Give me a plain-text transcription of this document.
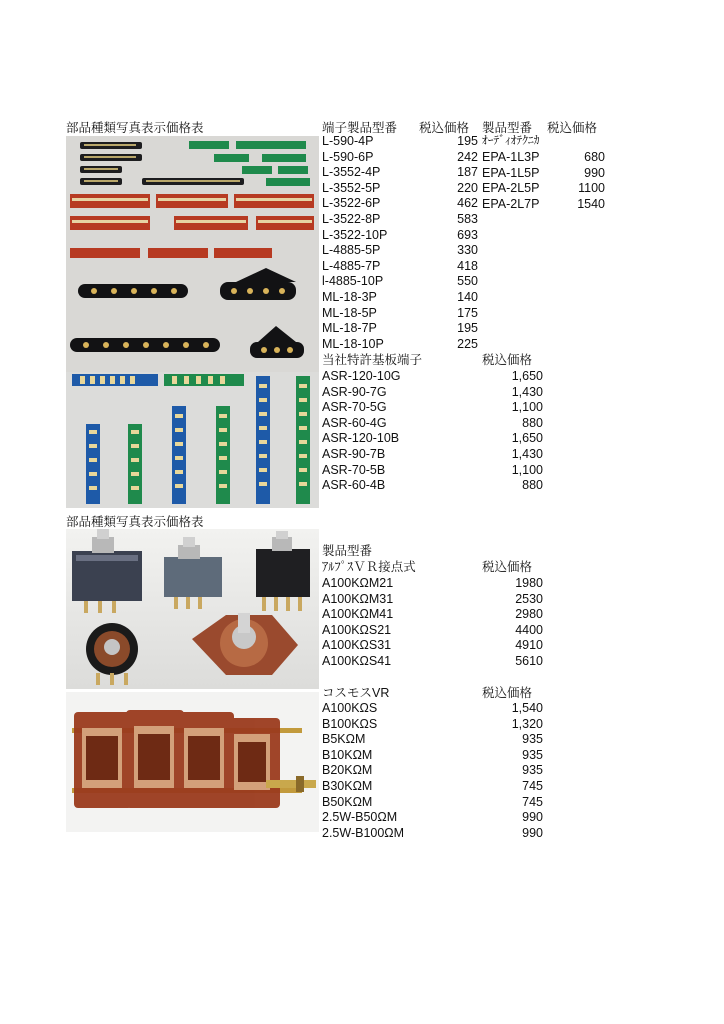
部品種類写真表示価格表	端子製品型番 税込価格 製品型番 税込価格
L-590-4P	195
L-590-6P	242
L-3552-4P	187
L-3552-5P	220
L-3522-6P	462
L-3522-8P	583
L-3522-10P	693
L-4885-5P	330
L-4885-7P	418
l-4885-10P	550
ML-18-3P	140
ML-18-5P	175
ML-18-7P	195
ML-18-10P	225
ｵｰﾃﾞｨｵﾃｸﾆｶ
EPA-1L3P	680
EPA-1L5P	990
EPA-2L5P	1100
EPA-2L7P	1540
当社特許基板端子	税込価格
ASR-120-10G	1,650
ASR-90-7G	1,430
ASR-70-5G	1,100
ASR-60-4G	880
ASR-120-10B	1,650
ASR-90-7B	1,430
ASR-70-5B	1,100
ASR-60-4B	880
部品種類写真表示価格表
製品型番
ｱﾙﾌﾟｽＶＲ接点式	税込価格
A100KΩM21	1980
A100KΩM31	2530
A100KΩM41	2980
A100KΩS21	4400
A100KΩS31	4910
A100KΩS41	5610
コスモスVR	税込価格
A100KΩS	1,540
B100KΩS	1,320
B5KΩM	935
B10KΩM	935
B20KΩM	935
B30KΩM	745
B50KΩM	745
2.5W-B50ΩM	990
2.5W-B100ΩM	990
